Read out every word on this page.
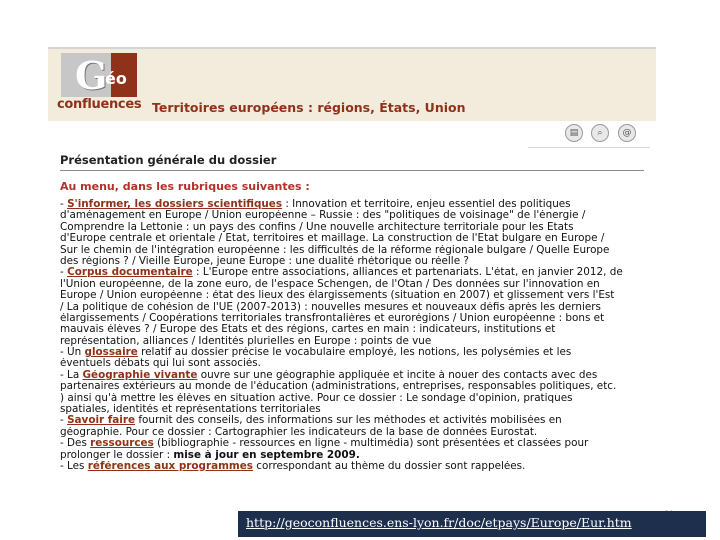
G
éo
confluences Territoires européens : régions, États, Union
▤	⌕	@
Présentation générale du dossier
Au menu, dans les rubriques suivantes :
- S'informer, les dossiers scientifiques : Innovation et territoire, enjeu essentiel des politiques
d'aménagement en Europe / Union européenne – Russie : des "politiques de voisinage" de l'énergie /
Comprendre la Lettonie : un pays des confins / Une nouvelle architecture territoriale pour les États
d'Europe centrale et orientale / État, territoires et maillage. La construction de l'État bulgare en Europe /
Sur le chemin de l'intégration européenne : les difficultés de la réforme régionale bulgare / Quelle Europe
des régions ? / Vieille Europe, jeune Europe : une dualité rhétorique ou réelle ?
- Corpus documentaire : L'Europe entre associations, alliances et partenariats. L'état, en janvier 2012, de
l'Union européenne, de la zone euro, de l'espace Schengen, de l'Otan / Des données sur l'innovation en
Europe / Union européenne : état des lieux des élargissements (situation en 2007) et glissement vers l'Est
/ La politique de cohésion de l'UE (2007-2013) : nouvelles mesures et nouveaux défis après les derniers
élargissements / Coopérations territoriales transfrontalières et eurorégions / Union européenne : bons et
mauvais élèves ? / Europe des États et des régions, cartes en main : indicateurs, institutions et
représentation, alliances / Identités plurielles en Europe : points de vue
- Un glossaire relatif au dossier précise le vocabulaire employé, les notions, les polysémies et les
éventuels débats qui lui sont associés.
- La Géographie vivante ouvre sur une géographie appliquée et incite à nouer des contacts avec des
partenaires extérieurs au monde de l'éducation (administrations, entreprises, responsables politiques, etc.
) ainsi qu'à mettre les élèves en situation active. Pour ce dossier : Le sondage d'opinion, pratiques
spatiales, identités et représentations territoriales
- Savoir faire fournit des conseils, des informations sur les méthodes et activités mobilisées en
géographie. Pour ce dossier : Cartographier les indicateurs de la base de données Eurostat.
- Des ressources (bibliographie - ressources en ligne - multimédia) sont présentées et classées pour
prolonger le dossier : mise à jour en septembre 2009.
- Les références aux programmes correspondant au thème du dossier sont rappelées.
http://geoconfluences.ens-lyon.fr/doc/etpays/Europe/Eur.htm
